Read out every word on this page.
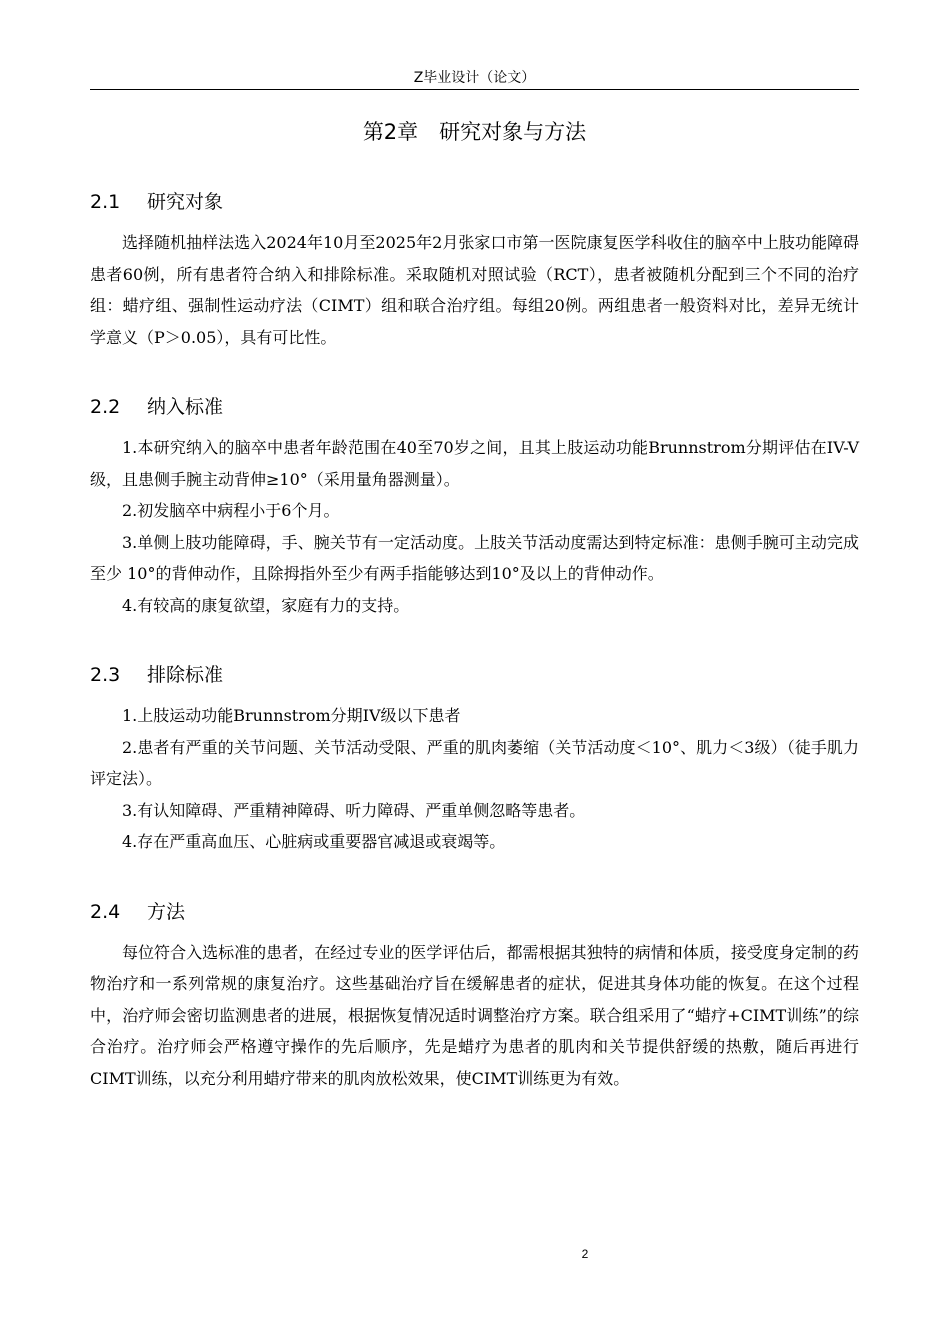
Z毕业设计（论文）
第2章　研究对象与方法
2.1 研究对象

选择随机抽样法选入2024年10月至2025年2月张家口市第一医院康复医学科收住的脑卒中上肢功能障碍患者60例，所有患者符合纳入和排除标准。采取随机对照试验（RCT），患者被随机分配到三个不同的治疗组：蜡疗组、强制性运动疗法（CIMT）组和联合治疗组。每组20例。两组患者一般资料对比，差异无统计学意义（P＞0.05），具有可比性。

2.2 纳入标准

1.本研究纳入的脑卒中患者年龄范围在40至70岁之间，且其上肢运动功能Brunnstrom分期评估在IV-V级，且患侧手腕主动背伸≥10°（采用量角器测量）。

2.初发脑卒中病程小于6个月。

3.单侧上肢功能障碍，手、腕关节有一定活动度。上肢关节活动度需达到特定标准：患侧手腕可主动完成至少 10°的背伸动作，且除拇指外至少有两手指能够达到10°及以上的背伸动作。

4.有较高的康复欲望，家庭有力的支持。

2.3 排除标准

1.上肢运动功能Brunnstrom分期IV级以下患者

2.患者有严重的关节问题、关节活动受限、严重的肌肉萎缩（关节活动度＜10°、肌力＜3级）（徒手肌力评定法）。

3.有认知障碍、严重精神障碍、听力障碍、严重单侧忽略等患者。

4.存在严重高血压、心脏病或重要器官减退或衰竭等。

2.4 方法

每位符合入选标准的患者，在经过专业的医学评估后，都需根据其独特的病情和体质，接受度身定制的药物治疗和一系列常规的康复治疗。这些基础治疗旨在缓解患者的症状，促进其身体功能的恢复。在这个过程中，治疗师会密切监测患者的进展，根据恢复情况适时调整治疗方案。联合组采用了“蜡疗+CIMT训练”的综合治疗。治疗师会严格遵守操作的先后顺序，先是蜡疗为患者的肌肉和关节提供舒缓的热敷，随后再进行CIMT训练，以充分利用蜡疗带来的肌肉放松效果，使CIMT训练更为有效。

2
